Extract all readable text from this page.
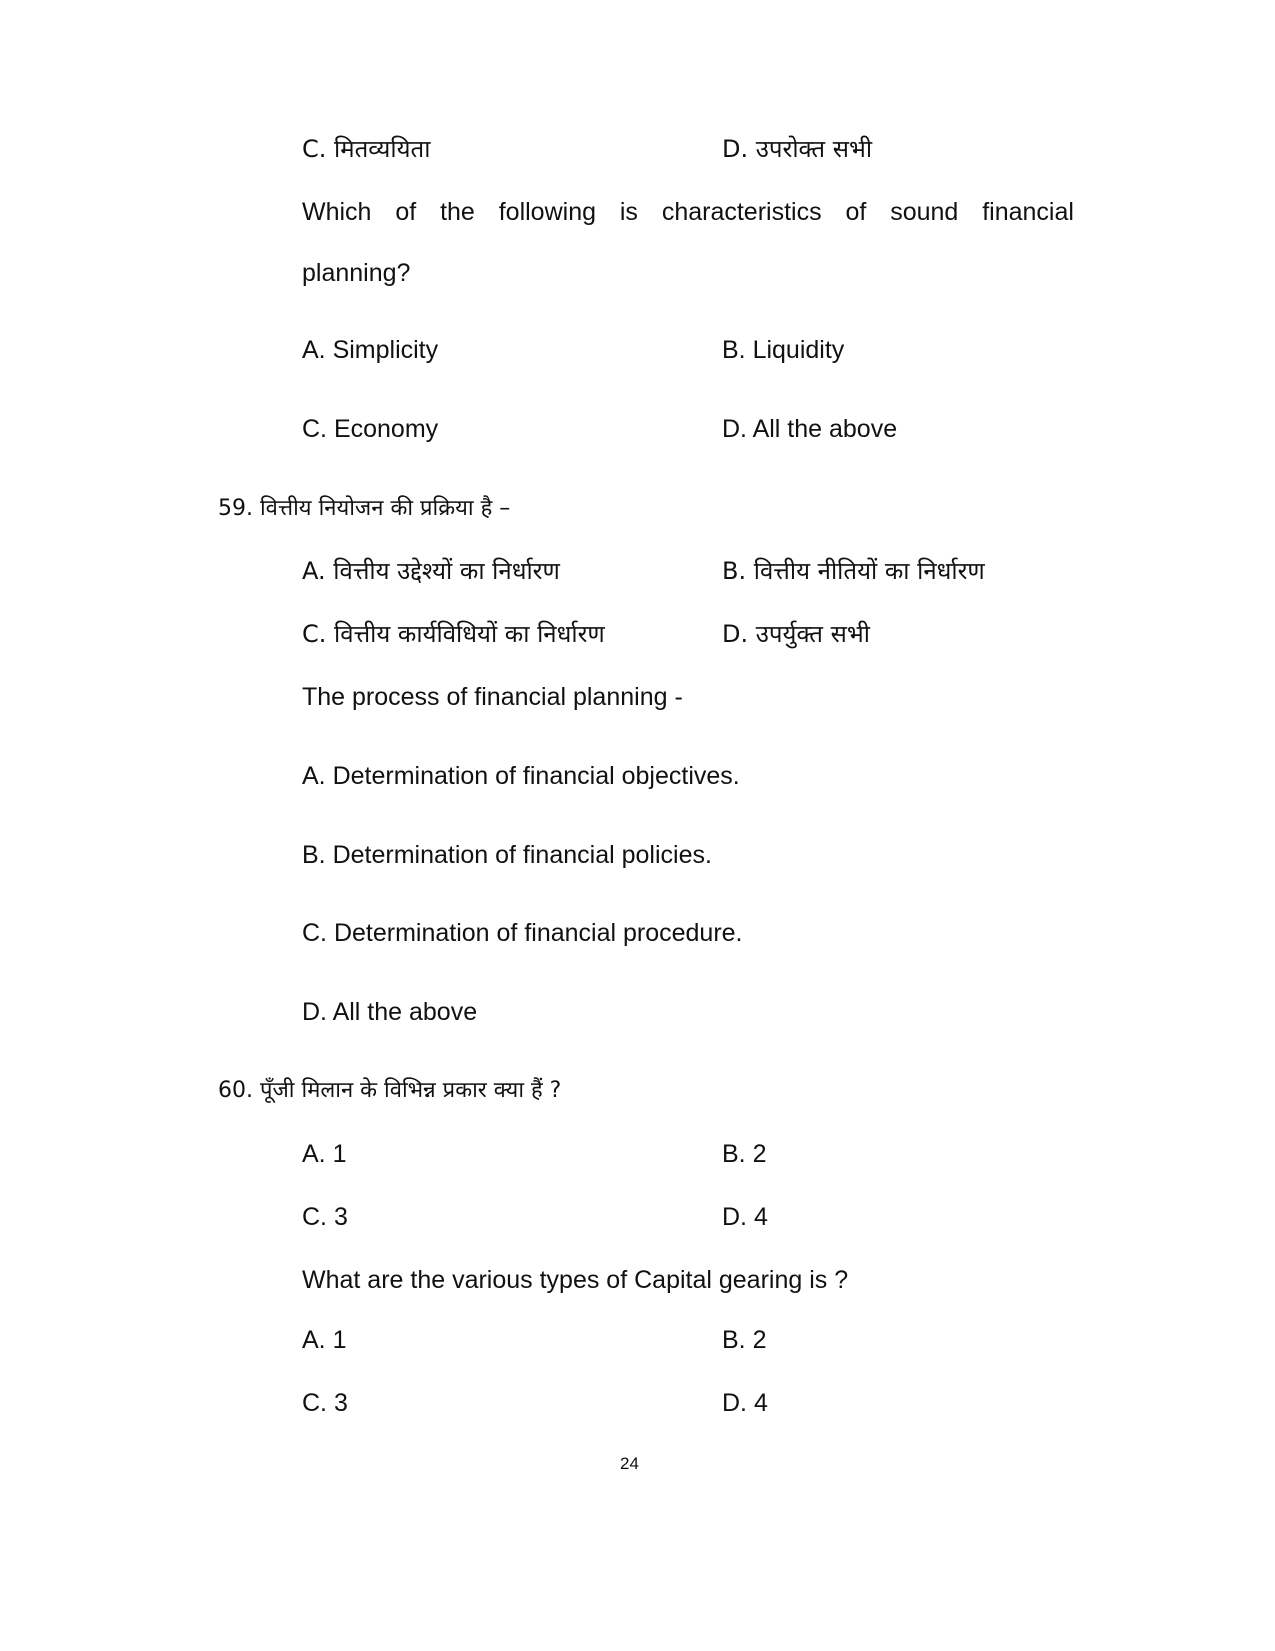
C. मितव्ययिता	D. उपरोक्त सभी
Which of the following is characteristics of sound financial
planning?
A. Simplicity	B. Liquidity
C. Economy	D. All the above
59. वित्तीय नियोजन की प्रक्रिया है –
A. वित्तीय उद्देश्यों का निर्धारण	B. वित्तीय नीतियों का निर्धारण
C. वित्तीय कार्यविधियों का निर्धारण	D. उपर्युक्त सभी
The process of financial planning -
A. Determination of financial objectives.
B. Determination of financial policies.
C. Determination of financial procedure.
D. All the above
60. पूँजी मिलान के विभिन्न प्रकार क्या हैं ?
A. 1	B. 2
C. 3	D. 4
What are the various types of Capital gearing is ?
A. 1	B. 2
C. 3	D. 4
24
